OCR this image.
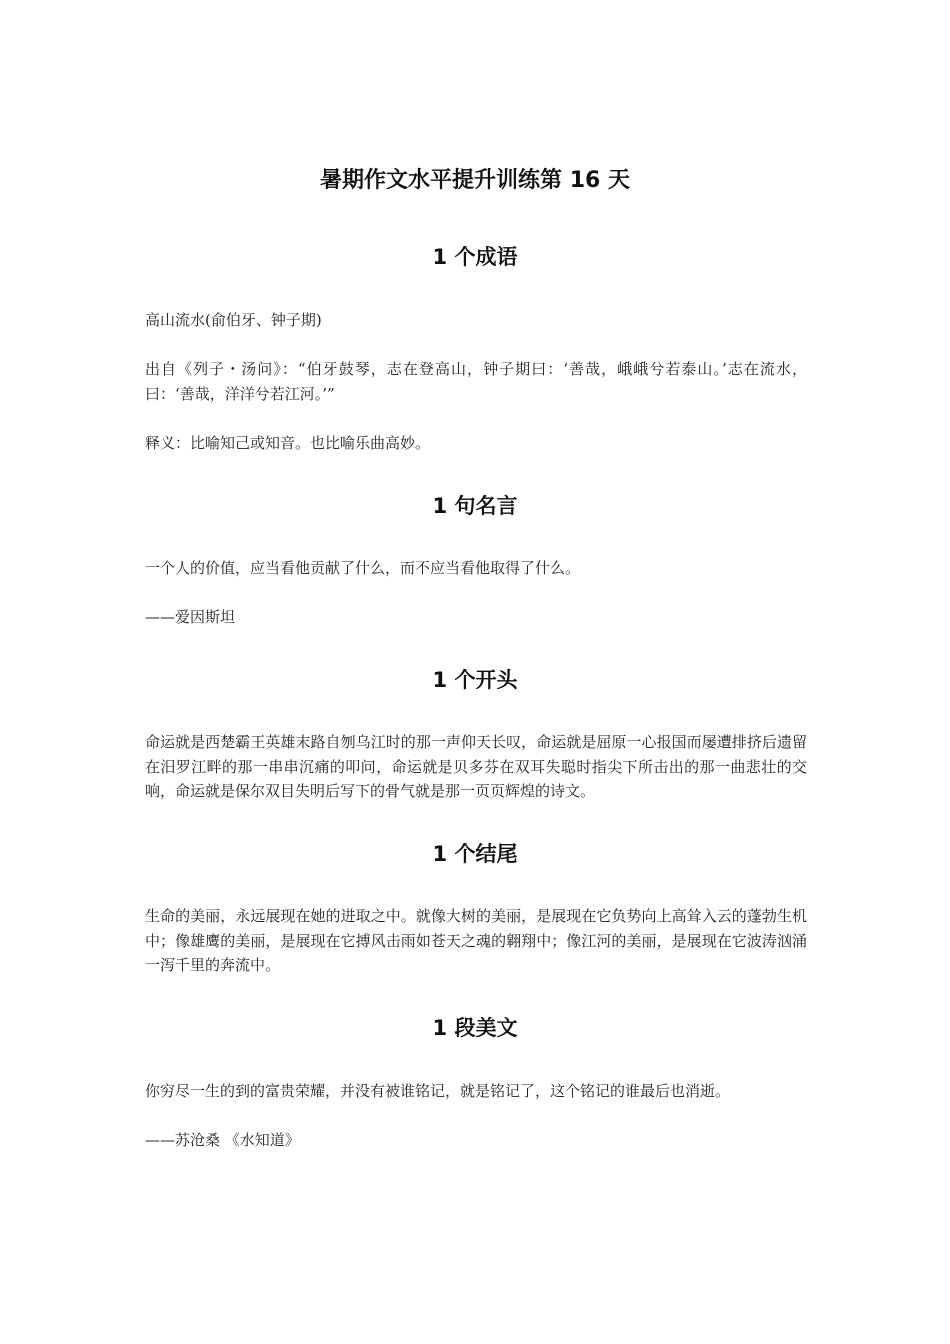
暑期作文水平提升训练第 16 天
1 个成语
高山流水(俞伯牙、钟子期)
出自《列子・汤问》：“伯牙鼓琴，志在登高山，钟子期曰：‘善哉，峨峨兮若泰山。’志在流水，曰：‘善哉，洋洋兮若江河。’”
释义：比喻知己或知音。也比喻乐曲高妙。
1 句名言
一个人的价值，应当看他贡献了什么，而不应当看他取得了什么。
——爱因斯坦
1 个开头
命运就是西楚霸王英雄末路自刎乌江时的那一声仰天长叹，命运就是屈原一心报国而屡遭排挤后遗留在汨罗江畔的那一串串沉痛的叩问，命运就是贝多芬在双耳失聪时指尖下所击出的那一曲悲壮的交响，命运就是保尔双目失明后写下的骨气就是那一页页辉煌的诗文。
1 个结尾
生命的美丽，永远展现在她的进取之中。就像大树的美丽，是展现在它负势向上高耸入云的蓬勃生机中；像雄鹰的美丽，是展现在它搏风击雨如苍天之魂的翱翔中；像江河的美丽，是展现在它波涛汹涌一泻千里的奔流中。
1 段美文
你穷尽一生的到的富贵荣耀，并没有被谁铭记，就是铭记了，这个铭记的谁最后也消逝。
——苏沧桑 《水知道》
